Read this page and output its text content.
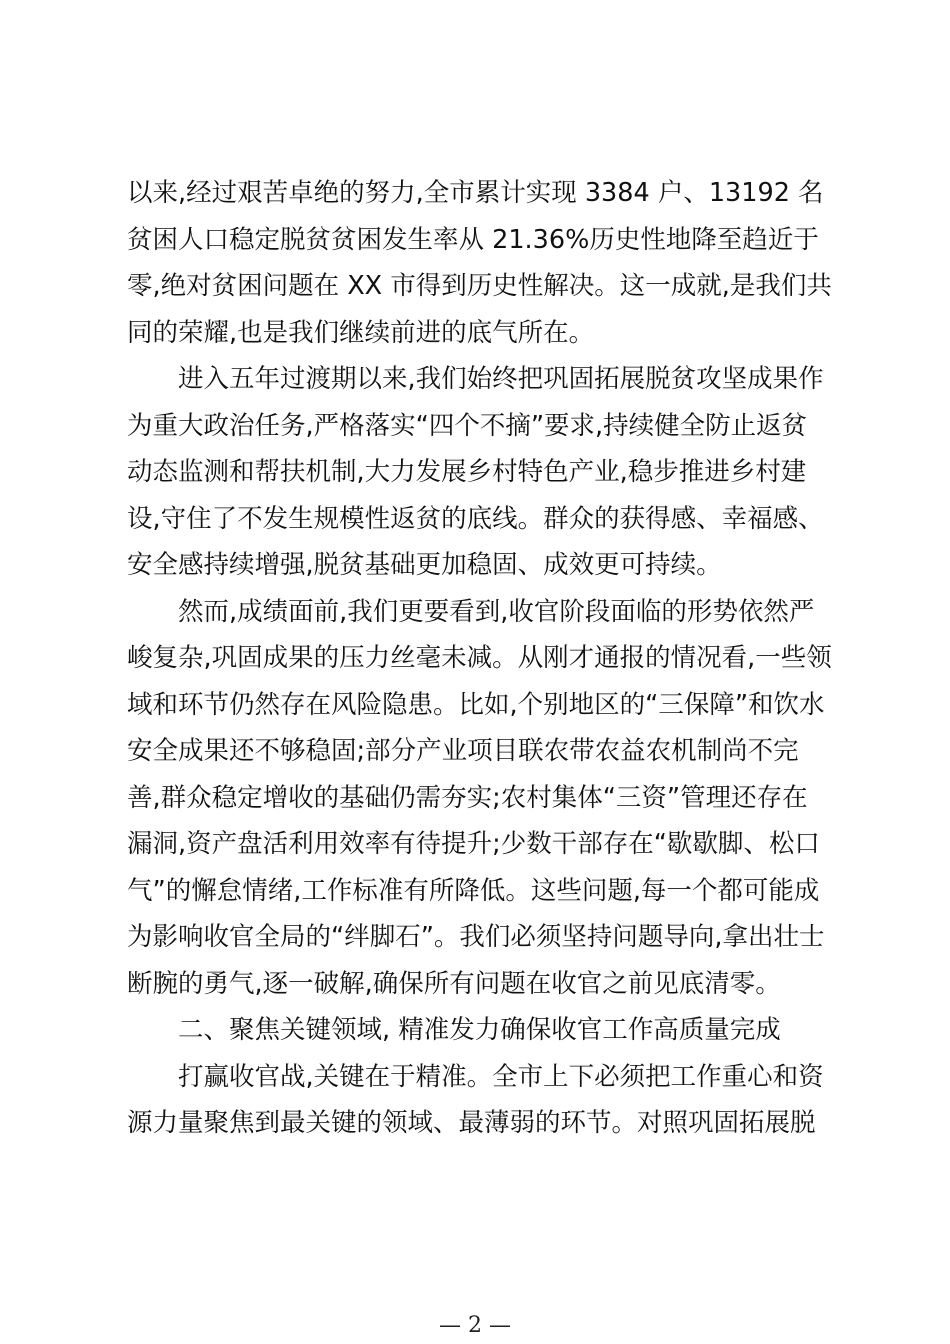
以来,经过艰苦卓绝的努力,全市累计实现 3384 户、13192 名
贫困人口稳定脱贫贫困发生率从 21.36%历史性地降至趋近于
零,绝对贫困问题在 XX 市得到历史性解决。这一成就,是我们共
同的荣耀,也是我们继续前进的底气所在。
进入五年过渡期以来,我们始终把巩固拓展脱贫攻坚成果作
为重大政治任务,严格落实“四个不摘”要求,持续健全防止返贫
动态监测和帮扶机制,大力发展乡村特色产业,稳步推进乡村建
设,守住了不发生规模性返贫的底线。群众的获得感、幸福感、
安全感持续增强,脱贫基础更加稳固、成效更可持续。
然而,成绩面前,我们更要看到,收官阶段面临的形势依然严
峻复杂,巩固成果的压力丝毫未减。从刚才通报的情况看,一些领
域和环节仍然存在风险隐患。比如,个别地区的“三保障”和饮水
安全成果还不够稳固;部分产业项目联农带农益农机制尚不完
善,群众稳定增收的基础仍需夯实;农村集体“三资”管理还存在
漏洞,资产盘活利用效率有待提升;少数干部存在“歇歇脚、松口
气”的懈怠情绪,工作标准有所降低。这些问题,每一个都可能成
为影响收官全局的“绊脚石”。我们必须坚持问题导向,拿出壮士
断腕的勇气,逐一破解,确保所有问题在收官之前见底清零。
二、聚焦关键领域, 精准发力确保收官工作高质量完成
打赢收官战,关键在于精准。全市上下必须把工作重心和资
源力量聚焦到最关键的领域、最薄弱的环节。对照巩固拓展脱
— 2 —
